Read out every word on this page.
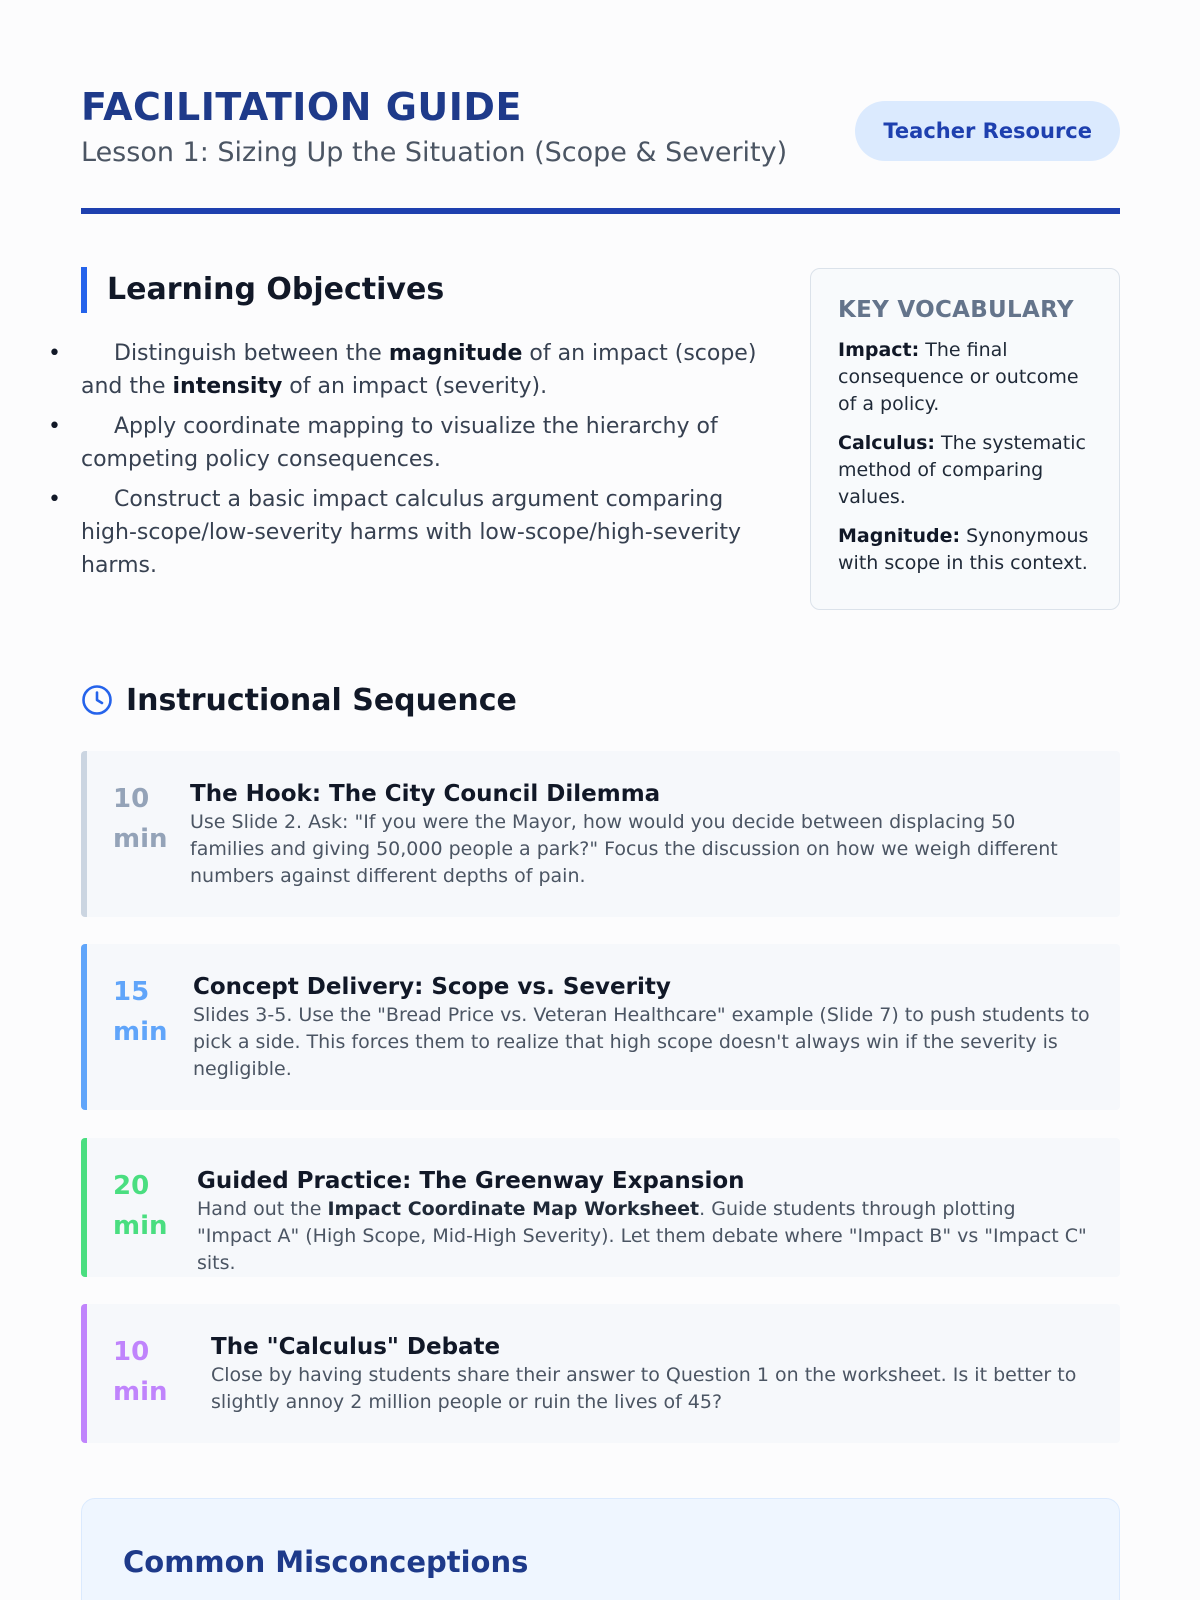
FACILITATION GUIDE

Lesson 1: Sizing Up the Situation (Scope & Severity)

Teacher Resource
Learning Objectives
•	Distinguish between the magnitude of an impact (scope) and the intensity of an impact (severity).
•	Apply coordinate mapping to visualize the hierarchy of competing policy consequences.
•	Construct a basic impact calculus argument comparing high-scope/low-severity harms with low-scope/high-severity harms.
KEY VOCABULARY
Impact: The final consequence or outcome of a policy.
Calculus: The systematic method of comparing values.
Magnitude: Synonymous with scope in this context.
Instructional Sequence
10
min

The Hook: The City Council Dilemma

Use Slide 2. Ask: "If you were the Mayor, how would you decide between displacing 50 families and giving 50,000 people a park?" Focus the discussion on how we weigh different numbers against different depths of pain.

15
min

Concept Delivery: Scope vs. Severity

Slides 3-5. Use the "Bread Price vs. Veteran Healthcare" example (Slide 7) to push students to pick a side. This forces them to realize that high scope doesn't always win if the severity is negligible.

20
min

Guided Practice: The Greenway Expansion

Hand out the Impact Coordinate Map Worksheet. Guide students through plotting "Impact A" (High Scope, Mid-High Severity). Let them debate where "Impact B" vs "Impact C" sits.

10
min

The "Calculus" Debate

Close by having students share their answer to Question 1 on the worksheet. Is it better to slightly annoy 2 million people or ruin the lives of 45?

Common Misconceptions
